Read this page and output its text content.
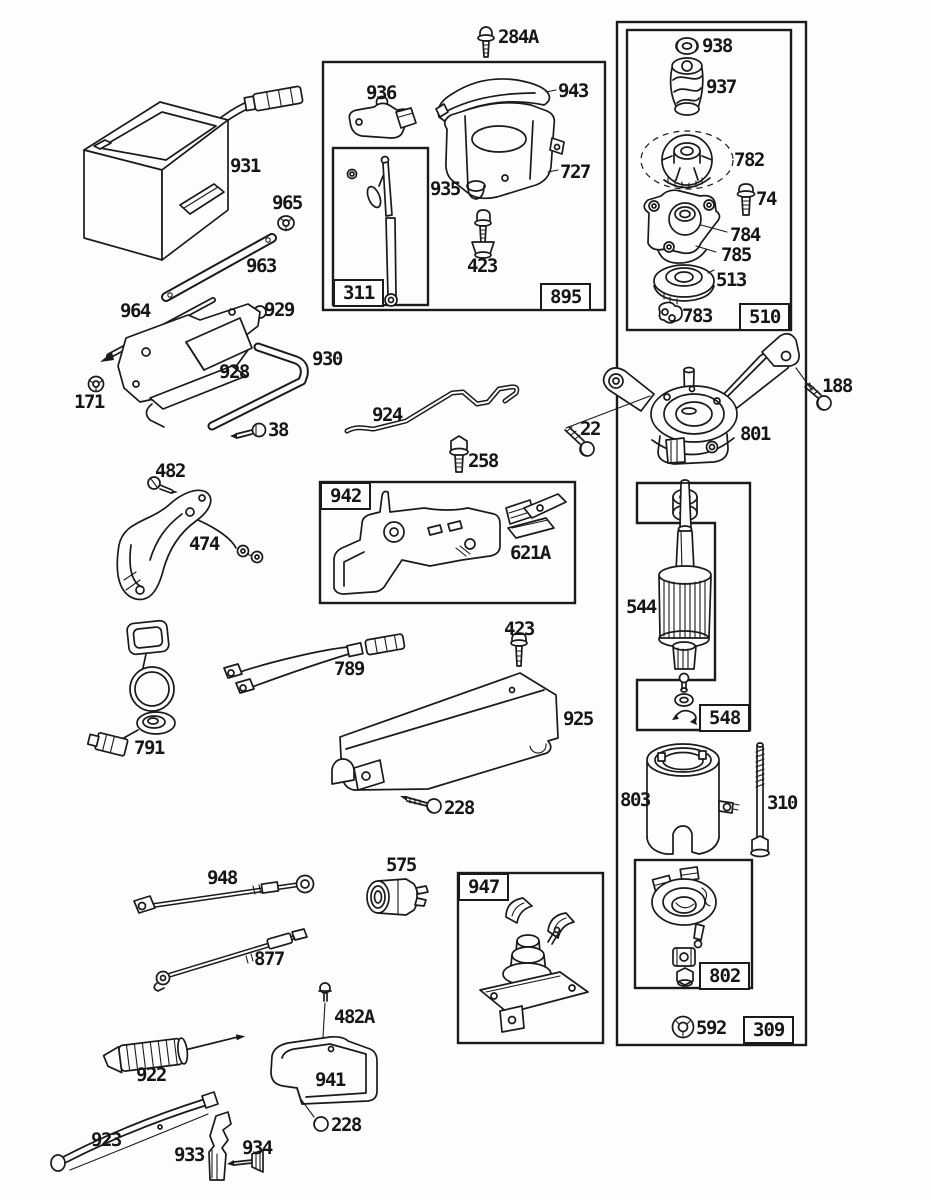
284A
931
965
963
964	929
928
930
171
38
936	943
935
727
423
938
937
782
74
784
785
513
783
22
188
801
924
258
482
474	621A
544
789
423
925
228
791
803	310
948
575
877
592
922
482A
941
228
923
933 934
311	895
510
942
548
947
802
309
